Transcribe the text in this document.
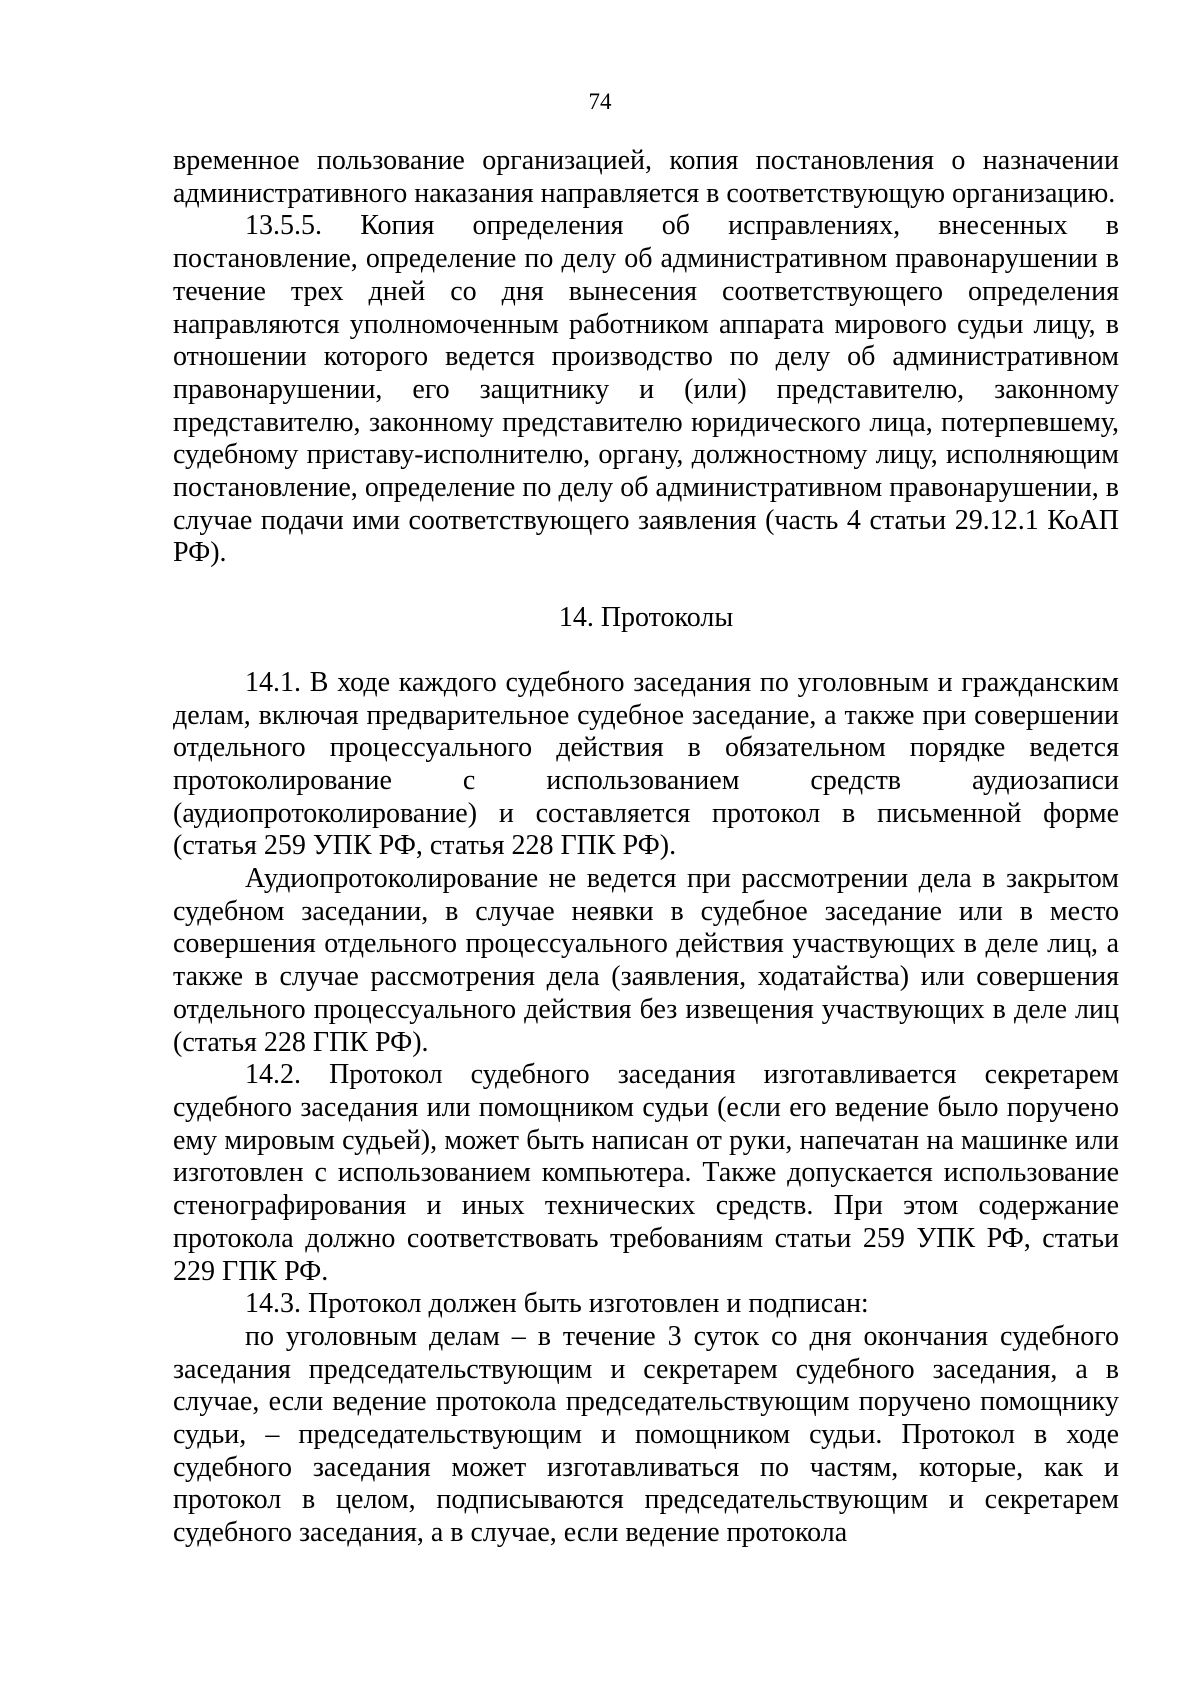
74

временное пользование организацией, копия постановления о назначении административного наказания направляется в соответствующую организацию.

13.5.5. Копия определения об исправлениях, внесенных в постановление, определение по делу об административном правонарушении в течение трех дней со дня вынесения соответствующего определения направляются уполномоченным работником аппарата мирового судьи лицу, в отношении которого ведется производство по делу об административном правонарушении, его защитнику и (или) представителю, законному представителю, законному представителю юридического лица, потерпевшему, судебному приставу-исполнителю, органу, должностному лицу, исполняющим постановление, определение по делу об административном правонарушении, в случае подачи ими соответствующего заявления (часть 4 статьи 29.12.1 КоАП РФ).

14. Протоколы

14.1. В ходе каждого судебного заседания по уголовным и гражданским делам, включая предварительное судебное заседание, а также при совершении отдельного процессуального действия в обязательном порядке ведется протоколирование с использованием средств аудиозаписи (аудиопротоколирование) и составляется протокол в письменной форме (статья 259 УПК РФ, статья 228 ГПК РФ).

Аудиопротоколирование не ведется при рассмотрении дела в закрытом судебном заседании, в случае неявки в судебное заседание или в место совершения отдельного процессуального действия участвующих в деле лиц, а также в случае рассмотрения дела (заявления, ходатайства) или совершения отдельного процессуального действия без извещения участвующих в деле лиц (статья 228 ГПК РФ).

14.2. Протокол судебного заседания изготавливается секретарем судебного заседания или помощником судьи (если его ведение было поручено ему мировым судьей), может быть написан от руки, напечатан на машинке или изготовлен с использованием компьютера. Также допускается использование стенографирования и иных технических средств. При этом содержание протокола должно соответствовать требованиям статьи 259 УПК РФ, статьи 229 ГПК РФ.

14.3. Протокол должен быть изготовлен и подписан:

по уголовным делам – в течение 3 суток со дня окончания судебного заседания председательствующим и секретарем судебного заседания, а в случае, если ведение протокола председательствующим поручено помощнику судьи, – председательствующим и помощником судьи. Протокол в ходе судебного заседания может изготавливаться по частям, которые, как и протокол в целом, подписываются председательствующим и секретарем судебного заседания, а в случае, если ведение протокола
